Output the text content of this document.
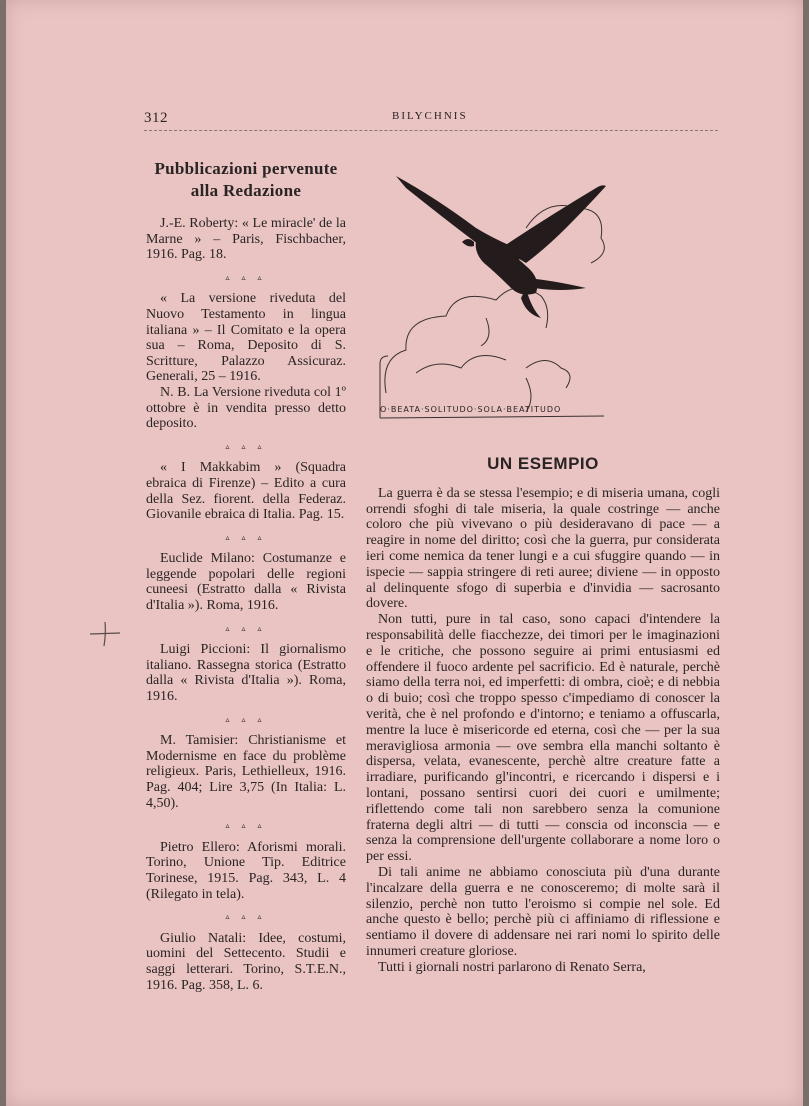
312	BILYCHNIS
Pubblicazioni pervenute alla Redazione

J.-E. Roberty: « Le miracle' de la Marne » – Paris, Fischbacher, 1916. Pag. 18.

▵ ▵ ▵

« La versione riveduta del Nuovo Testamento in lingua italiana » – Il Comitato e la opera sua – Roma, Deposito di S. Scritture, Palazzo Assicuraz. Generali, 25 – 1916.

N. B. La Versione riveduta col 1º ottobre è in vendita presso detto deposito.

▵ ▵ ▵

« I Makkabim » (Squadra ebraica di Firenze) – Edito a cura della Sez. fiorent. della Federaz. Giovanile ebraica di Italia. Pag. 15.

▵ ▵ ▵

Euclide Milano: Costumanze e leggende popolari delle regioni cuneesi (Estratto dalla « Rivista d'Italia »). Roma, 1916.

▵ ▵ ▵

Luigi Piccioni: Il giornalismo italiano. Rassegna storica (Estratto dalla « Rivista d'Italia »). Roma, 1916.

▵ ▵ ▵

M. Tamisier: Christianisme et Modernisme en face du problème religieux. Paris, Lethielleux, 1916. Pag. 404; Lire 3,75 (In Italia: L. 4,50).

▵ ▵ ▵

Pietro Ellero: Aforismi morali. Torino, Unione Tip. Editrice Torinese, 1915. Pag. 343, L. 4 (Rilegato in tela).

▵ ▵ ▵

Giulio Natali: Idee, costumi, uomini del Settecento. Studii e saggi letterari. Torino, S.T.E.N., 1916. Pag. 358, L. 6.

O·BEATA·SOLITUDO·SOLA·BEATITUDO
UN ESEMPIO

La guerra è da se stessa l'esempio; e di miseria umana, cogli orrendi sfoghi di tale miseria, la quale costringe — anche coloro che più vivevano o più desideravano di pace — a reagire in nome del diritto; così che la guerra, pur considerata ieri come nemica da tener lungi e a cui sfuggire quando — in ispecie — sappia stringere di reti auree; diviene — in opposto al delinquente sfogo di superbia e d'invidia — sacrosanto dovere.

Non tutti, pure in tal caso, sono capaci d'intendere la responsabilità delle fiacchezze, dei timori per le imaginazioni e le critiche, che possono seguire ai primi entusiasmi ed offendere il fuoco ardente pel sacrificio. Ed è naturale, perchè siamo della terra noi, ed imperfetti: di ombra, cioè; e di nebbia o di buio; così che troppo spesso c'impediamo di conoscer la verità, che è nel profondo e d'intorno; e teniamo a offuscarla, mentre la luce è misericorde ed eterna, così che — per la sua meravigliosa armonia — ove sembra ella manchi soltanto è dispersa, velata, evanescente, perchè altre creature fatte a irradiare, purificando gl'incontri, e ricercando i dispersi e i lontani, possano sentirsi cuori dei cuori e umilmente; riflettendo come tali non sarebbero senza la comunione fraterna degli altri — di tutti — conscia od inconscia — e senza la comprensione dell'urgente collaborare a nome loro o per essi.

Di tali anime ne abbiamo conosciuta più d'una durante l'incalzare della guerra e ne conosceremo; di molte sarà il silenzio, perchè non tutto l'eroismo si compie nel sole. Ed anche questo è bello; perchè più ci affiniamo di riflessione e sentiamo il dovere di addensare nei rari nomi lo spirito delle innumeri creature gloriose.

Tutti i giornali nostri parlarono di Renato Serra,
